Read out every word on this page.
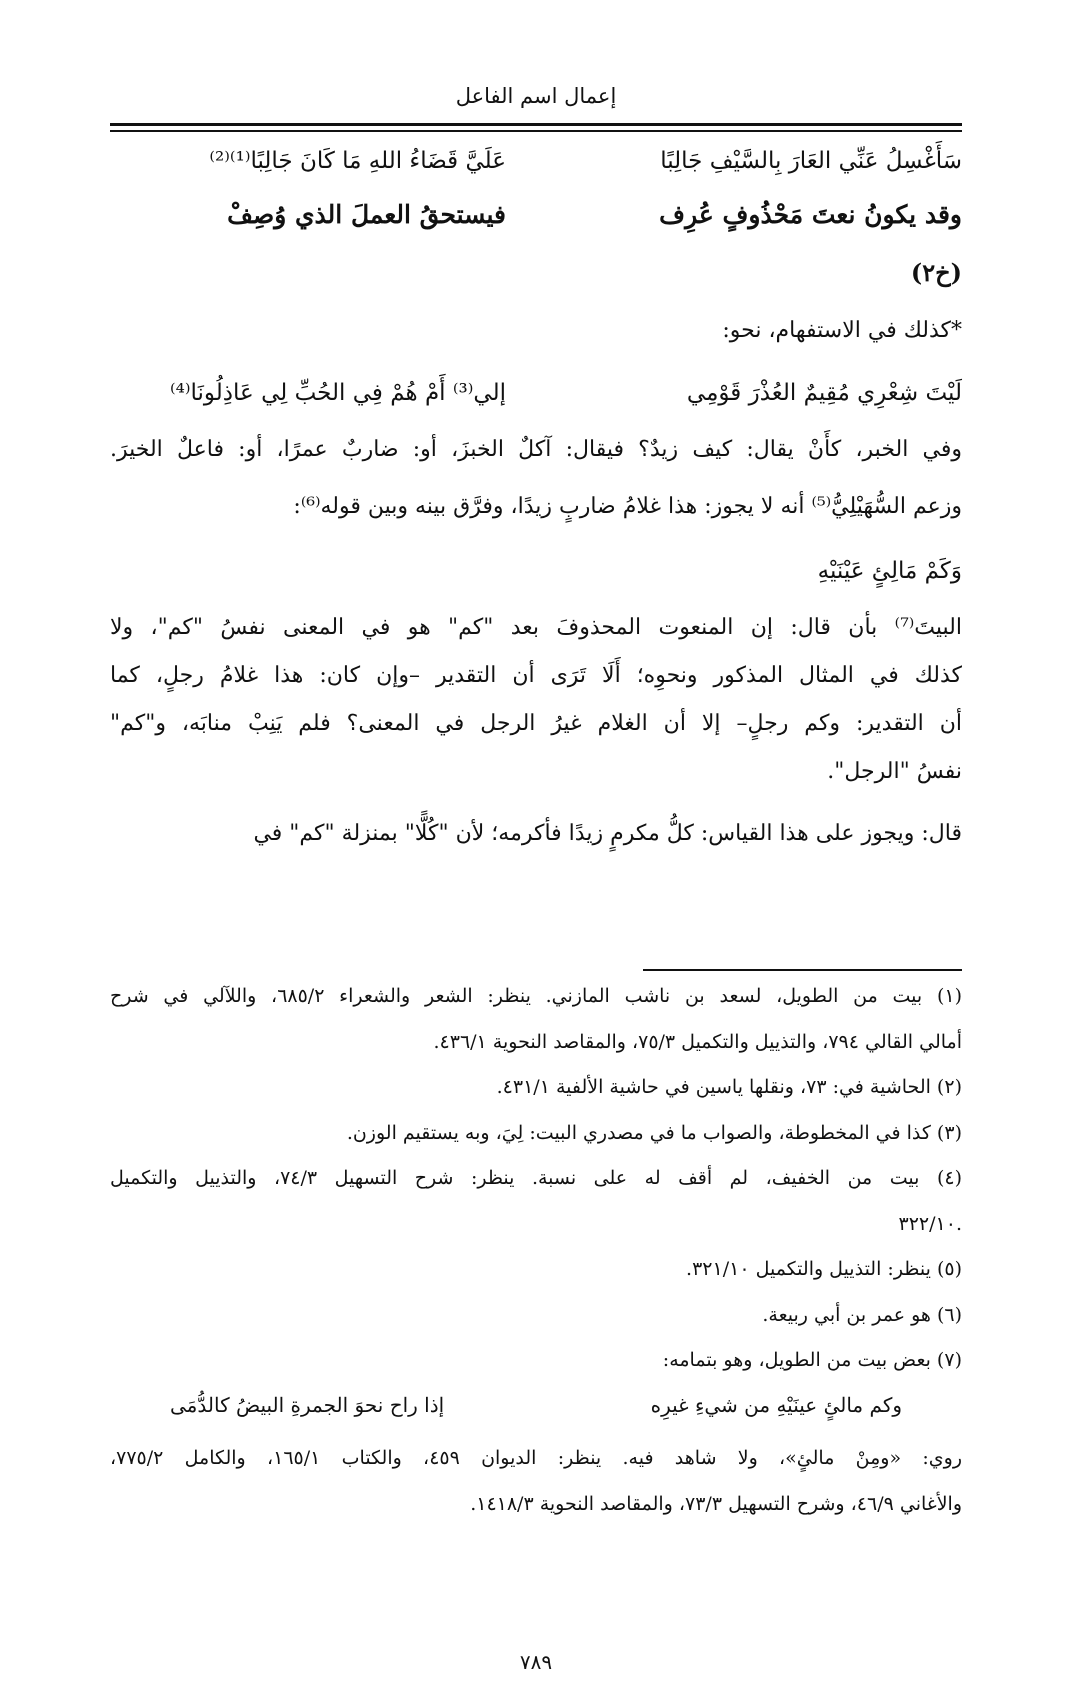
إعمال اسم الفاعل
سَأَغْسِلُ عَنِّي العَارَ بِالسَّيْفِ جَالِبًا
عَلَيَّ قَضَاءُ اللهِ مَا كَانَ جَالِبًا⁽¹⁾⁽²⁾
وقد يكونُ نعتَ مَحْذُوفٍ عُرِف
فيستحقُ العملَ الذي وُصِفْ
(خ٢)
*كذلك في الاستفهام، نحو:
لَيْتَ شِعْرِي مُقِيمٌ العُذْرَ قَوْمِي
إلي⁽³⁾ أَمْ هُمْ فِي الحُبِّ لِي عَاذِلُونَا⁽⁴⁾
وفي الخبر، كأَنْ يقال: كيف زيدٌ؟ فيقال: آكلٌ الخبزَ، أو: ضاربٌ عمرًا، أو: فاعلٌ الخيرَ.
وزعم السُّهَيْلِيُّ⁽⁵⁾ أنه لا يجوز: هذا غلامُ ضاربٍ زيدًا، وفرَّق بينه وبين قوله⁽⁶⁾:
وَكَمْ مَالِئٍ عَيْنَيْهِ
البيتَ⁽⁷⁾ بأن قال: إن المنعوت المحذوفَ بعد "كم" هو في المعنى نفسُ "كم"، ولا
كذلك في المثال المذكور ونحوِه؛ أَلَا تَرَى أن التقدير –وإن كان: هذا غلامُ رجلٍ، كما
أن التقدير: وكم رجلٍ– إلا أن الغلام غيرُ الرجل في المعنى؟ فلم يَنِبْ منابَه، و"كم"
نفسُ "الرجل".
قال: ويجوز على هذا القياس: كلُّ مكرمٍ زيدًا فأكرمه؛ لأن "كُلًّا" بمنزلة "كم" في
(١) بيت من الطويل، لسعد بن ناشب المازني. ينظر: الشعر والشعراء ٦٨٥/٢، واللآلي في شرح
أمالي القالي ٧٩٤، والتذييل والتكميل ٧٥/٣، والمقاصد النحوية ٤٣٦/١.
(٢) الحاشية في: ٧٣، ونقلها ياسين في حاشية الألفية ٤٣١/١.
(٣) كذا في المخطوطة، والصواب ما في مصدري البيت: لِيَ، وبه يستقيم الوزن.
(٤) بيت من الخفيف، لم أقف له على نسبة. ينظر: شرح التسهيل ٧٤/٣، والتذييل والتكميل
.٣٢٢/١٠
(٥) ينظر: التذييل والتكميل ٣٢١/١٠.
(٦) هو عمر بن أبي ربيعة.
(٧) بعض بيت من الطويل، وهو بتمامه:
وكم مالئٍ عينَيْهِ من شيءِ غيرِه
إذا راح نحوَ الجمرةِ البيضُ كالدُّمَى
روي: «ومِنْ مالئٍ»، ولا شاهد فيه. ينظر: الديوان ٤٥٩، والكتاب ١٦٥/١، والكامل ٧٧٥/٢،
والأغاني ٤٦/٩، وشرح التسهيل ٧٣/٣، والمقاصد النحوية ١٤١٨/٣.
٧٨٩
